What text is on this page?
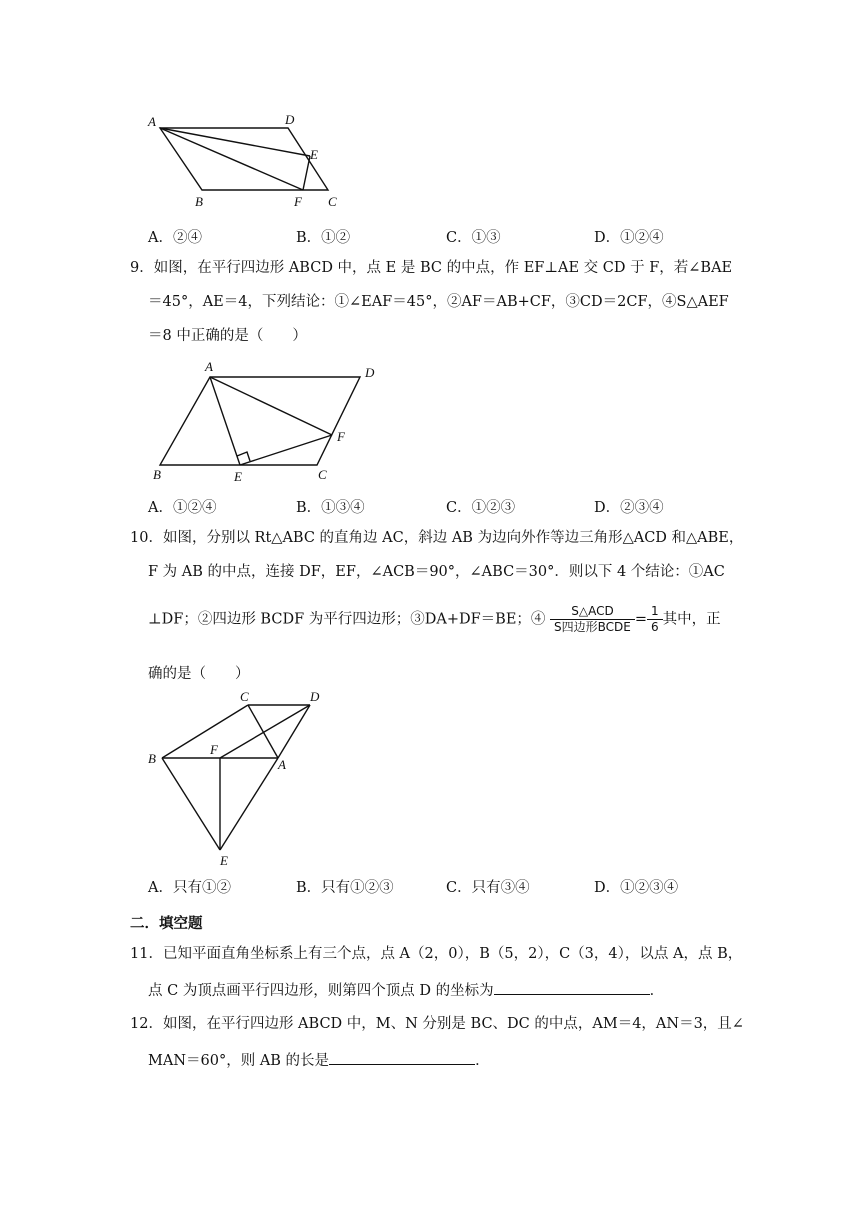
A	D
E
B	F C
A．②④	B．①②	C．①③	D．①②④
9．如图，在平行四边形 ABCD 中，点 E 是 BC 的中点，作 EF⊥AE 交 CD 于 F，若∠BAE
＝45°，AE＝4，下列结论：①∠EAF＝45°，②AF＝AB+CF，③CD＝2CF，④S△AEF
＝8 中正确的是（　　）
A	D
F
B	E	C
A．①②④	B．①③④	C．①②③	D．②③④
10．如图，分别以 Rt△ABC 的直角边 AC，斜边 AB 为边向外作等边三角形△ACD 和△ABE，
F 为 AB 的中点，连接 DF，EF，∠ACB＝90°，∠ABC＝30°．则以下 4 个结论：①AC
⊥DF；②四边形 BCDF 为平行四边形；③DA+DF＝BE；④ $\frac{\text{S△ACD}}{\text{S四边形BCDE}} = \frac{1}{6}$ 其中，正
确的是（　　）
C	D
F
B	A
E
A．只有①②	B．只有①②③	C．只有③④	D．①②③④
二．填空题
11．已知平面直角坐标系上有三个点，点 A（2，0），B（5，2），C（3，4），以点 A，点 B，
点 C 为顶点画平行四边形，则第四个顶点 D 的坐标为	．
12．如图，在平行四边形 ABCD 中，M、N 分别是 BC、DC 的中点，AM＝4，AN＝3，且∠
MAN＝60°，则 AB 的长是	．
